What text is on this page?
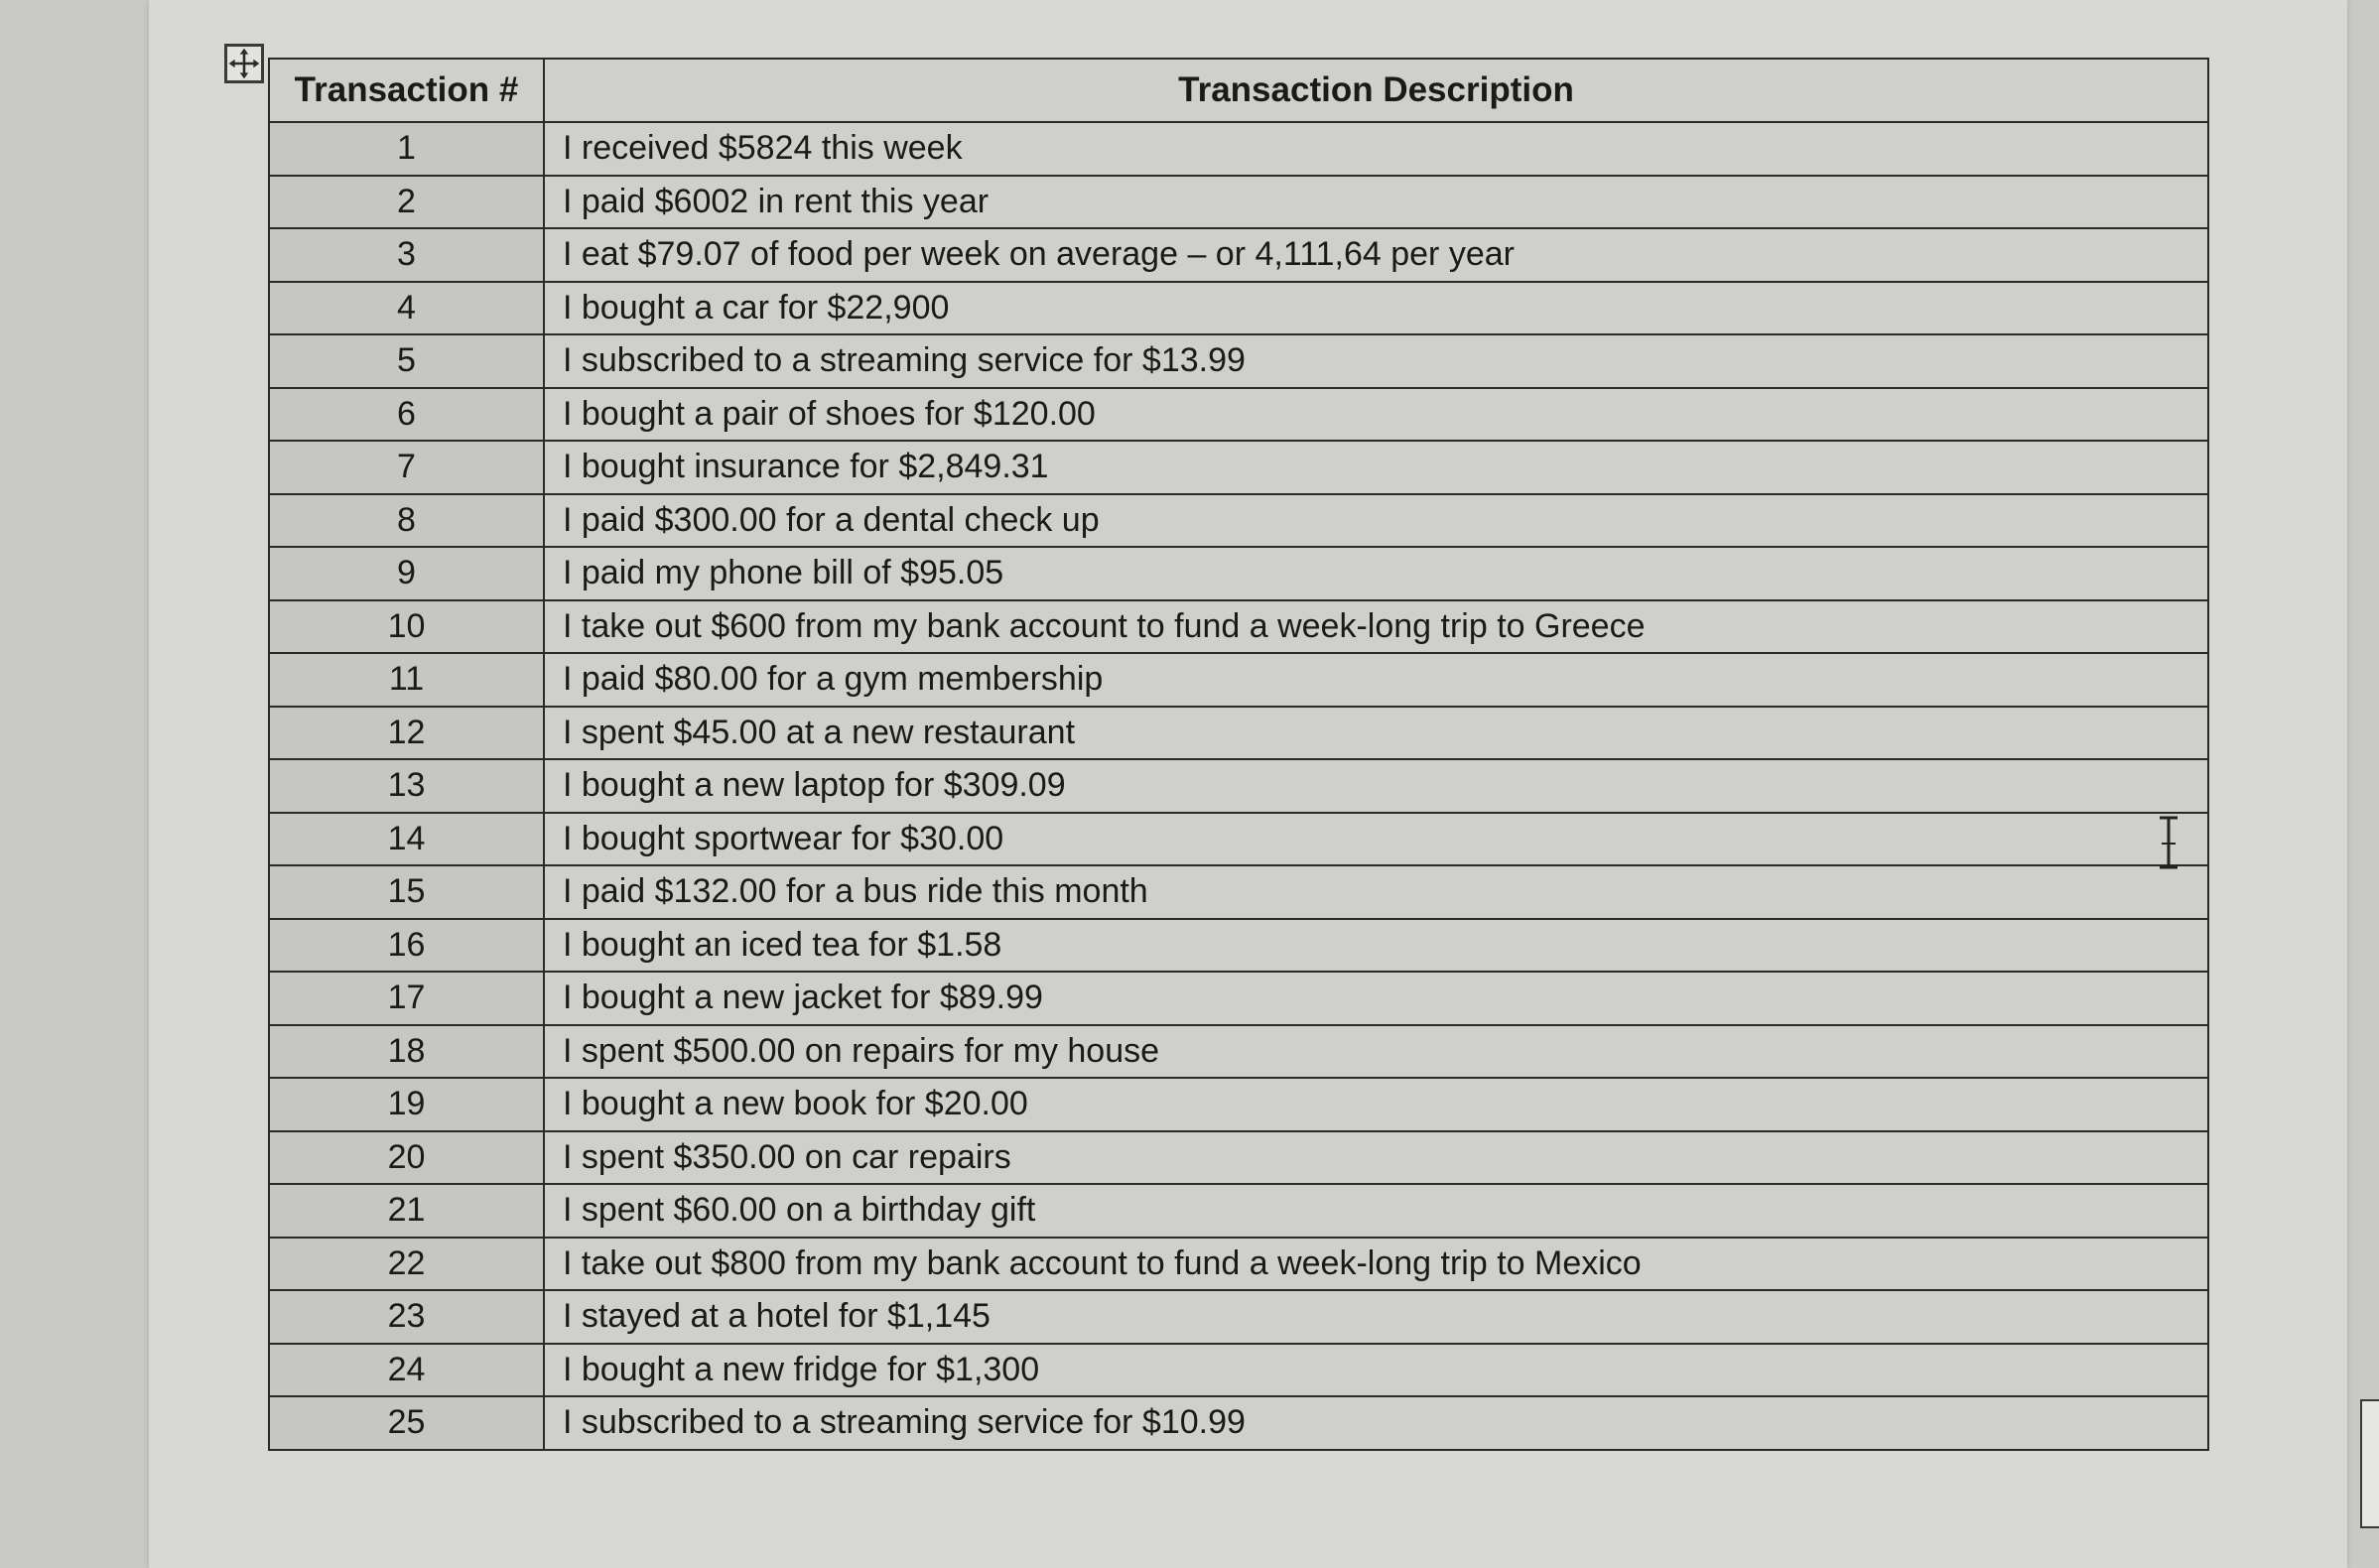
Transaction #	Transaction Description
1	I received $5824 this week
2	I paid $6002 in rent this year
3	I eat $79.07 of food per week on average – or 4,111,64 per year
4	I bought a car for $22,900
5	I subscribed to a streaming service for $13.99
6	I bought a pair of shoes for $120.00
7	I bought insurance for $2,849.31
8	I paid $300.00 for a dental check up
9	I paid my phone bill of $95.05
10	I take out $600 from my bank account to fund a week-long trip to Greece
11	I paid $80.00 for a gym membership
12	I spent $45.00 at a new restaurant
13	I bought a new laptop for $309.09
14	I bought sportwear for $30.00
15	I paid $132.00 for a bus ride this month
16	I bought an iced tea for $1.58
17	I bought a new jacket for $89.99
18	I spent $500.00 on repairs for my house
19	I bought a new book for $20.00
20	I spent $350.00 on car repairs
21	I spent $60.00 on a birthday gift
22	I take out $800 from my bank account to fund a week-long trip to Mexico
23	I stayed at a hotel for $1,145
24	I bought a new fridge for $1,300
25	I subscribed to a streaming service for $10.99
